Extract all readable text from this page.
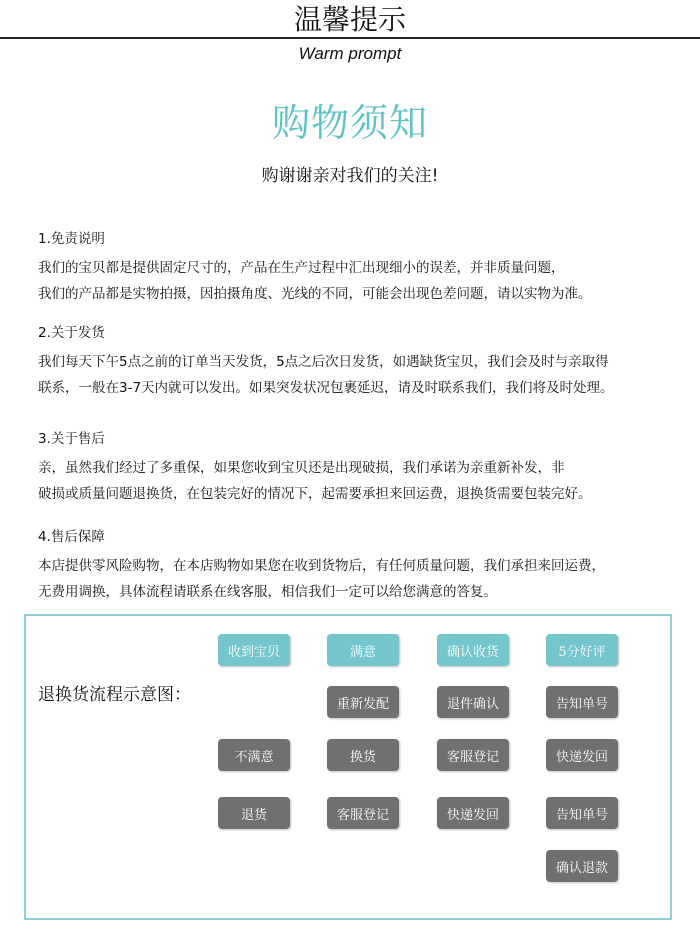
温馨提示
Warm prompt
购物须知
购谢谢亲对我们的关注!
1.免责说明
我们的宝贝都是提供固定尺寸的，产品在生产过程中汇出现细小的误差，并非质量问题，
我们的产品都是实物拍摄，因拍摄角度、光线的不同，可能会出现色差问题，请以实物为准。
2.关于发货
我们每天下午5点之前的订单当天发货，5点之后次日发货，如遇缺货宝贝，我们会及时与亲取得
联系，一般在3-7天内就可以发出。如果突发状况包裹延迟，请及时联系我们，我们将及时处理。
3.关于售后
亲，虽然我们经过了多重保，如果您收到宝贝还是出现破损，我们承诺为亲重新补发，非
破损或质量问题退换货，在包装完好的情况下，起需要承担来回运费，退换货需要包装完好。
4.售后保障
本店提供零风险购物，在本店购物如果您在收到货物后，有任何质量问题，我们承担来回运费，
无费用调换，具体流程请联系在线客服，相信我们一定可以给您满意的答复。
退换货流程示意图：
收到宝贝	满意	确认收货	5分好评
重新发配	退件确认	告知单号
不满意	换货	客服登记	快递发回
退货	客服登记	快递发回	告知单号
确认退款
